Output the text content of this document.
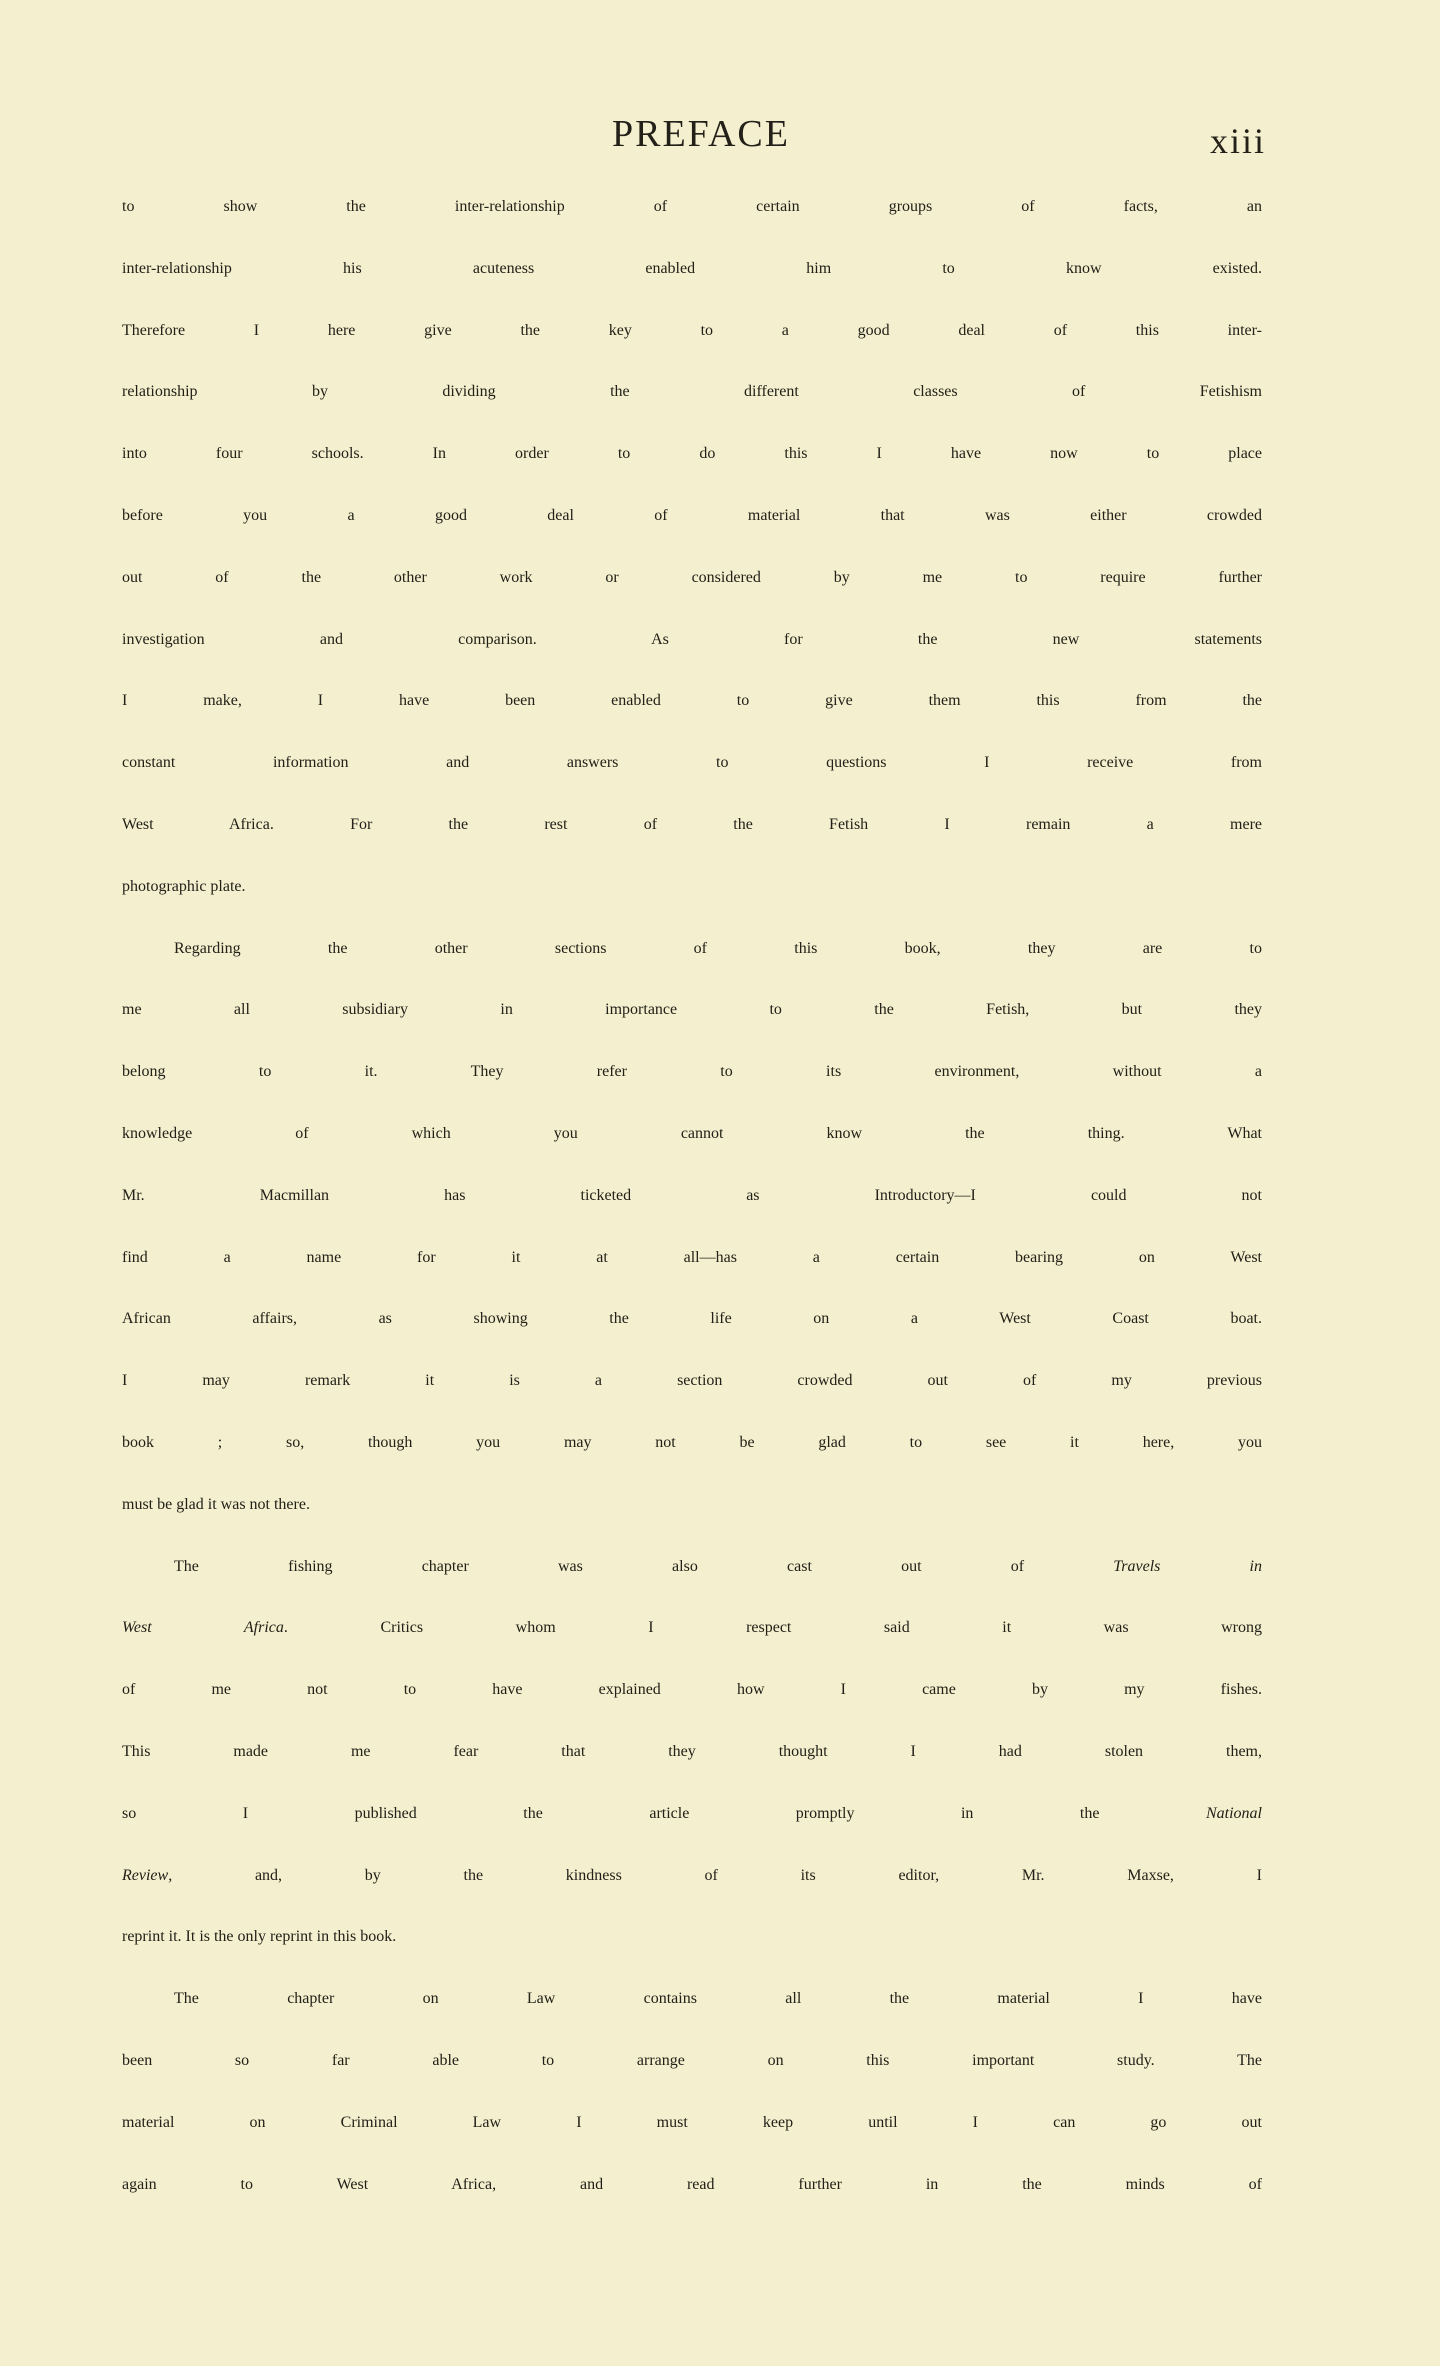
PREFACE	xiii
to show the inter-relationship of certain groups of facts, an
inter-relationship his acuteness enabled him to know existed.
Therefore I here give the key to a good deal of this inter-
relationship by dividing the different classes of Fetishism
into four schools. In order to do this I have now to place
before you a good deal of material that was either crowded
out of the other work or considered by me to require further
investigation and comparison. As for the new statements
I make, I have been enabled to give them this from the
constant information and answers to questions I receive from
West Africa. For the rest of the Fetish I remain a mere
photographic plate.
Regarding the other sections of this book, they are to
me all subsidiary in importance to the Fetish, but they
belong to it. They refer to its environment, without a
knowledge of which you cannot know the thing. What
Mr. Macmillan has ticketed as Introductory—I could not
find a name for it at all—has a certain bearing on West
African affairs, as showing the life on a West Coast boat.
I may remark it is a section crowded out of my previous
book ; so, though you may not be glad to see it here, you
must be glad it was not there.
The fishing chapter was also cast out of Travels in
West Africa. Critics whom I respect said it was wrong
of me not to have explained how I came by my fishes.
This made me fear that they thought I had stolen them,
so I published the article promptly in the National
Review, and, by the kindness of its editor, Mr. Maxse, I
reprint it. It is the only reprint in this book.
The chapter on Law contains all the material I have
been so far able to arrange on this important study. The
material on Criminal Law I must keep until I can go out
again to West Africa, and read further in the minds of
